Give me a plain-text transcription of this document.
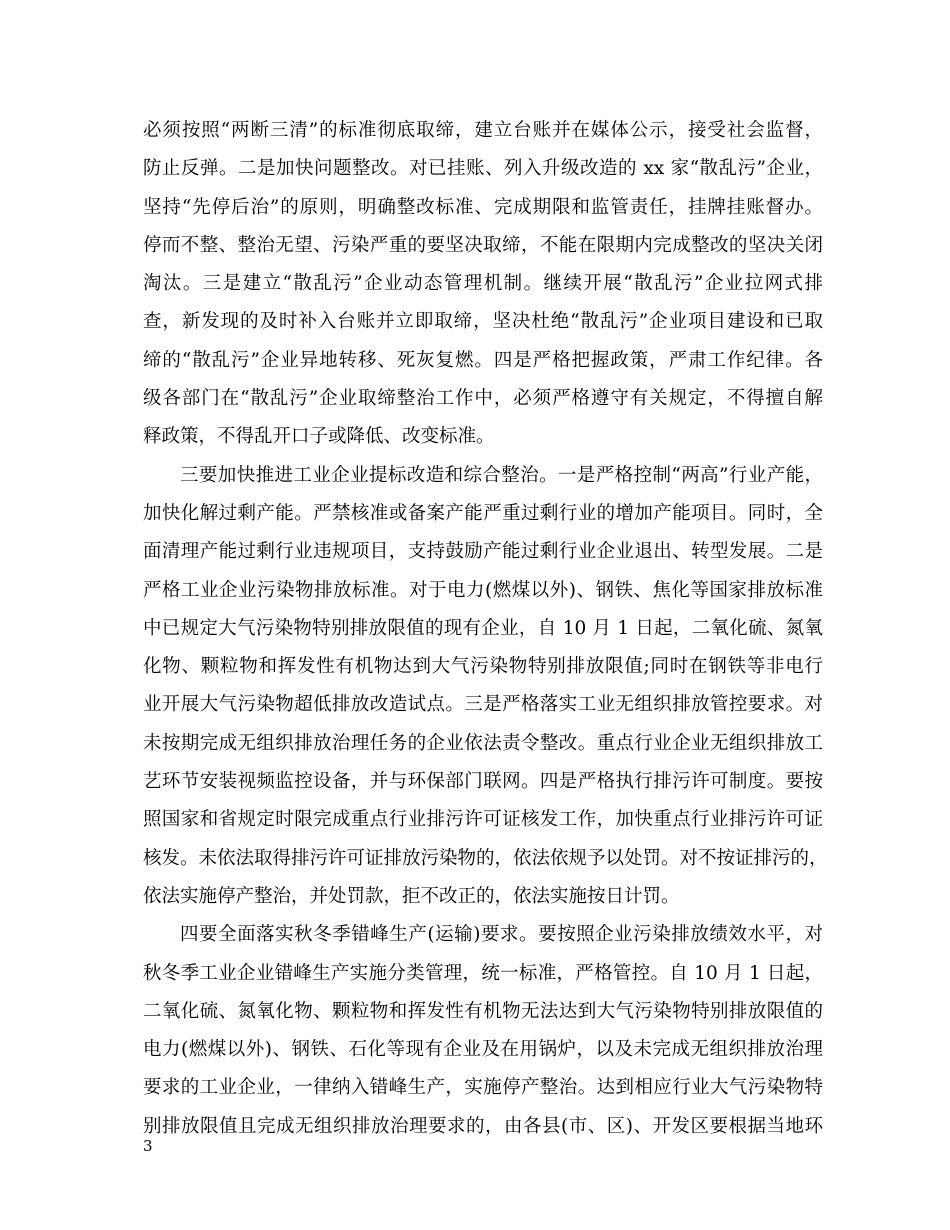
必须按照“两断三清”的标准彻底取缔，建立台账并在媒体公示，接受社会监督，
防止反弹。二是加快问题整改。对已挂账、列入升级改造的 xx 家“散乱污”企业，
坚持“先停后治”的原则，明确整改标准、完成期限和监管责任，挂牌挂账督办。
停而不整、整治无望、污染严重的要坚决取缔，不能在限期内完成整改的坚决关闭
淘汰。三是建立“散乱污”企业动态管理机制。继续开展“散乱污”企业拉网式排
查，新发现的及时补入台账并立即取缔，坚决杜绝“散乱污”企业项目建设和已取
缔的“散乱污”企业异地转移、死灰复燃。四是严格把握政策，严肃工作纪律。各
级各部门在“散乱污”企业取缔整治工作中，必须严格遵守有关规定，不得擅自解
释政策，不得乱开口子或降低、改变标准。
三要加快推进工业企业提标改造和综合整治。一是严格控制“两高”行业产能，
加快化解过剩产能。严禁核准或备案产能严重过剩行业的增加产能项目。同时，全
面清理产能过剩行业违规项目，支持鼓励产能过剩行业企业退出、转型发展。二是
严格工业企业污染物排放标准。对于电力(燃煤以外)、钢铁、焦化等国家排放标准
中已规定大气污染物特别排放限值的现有企业，自 10 月 1 日起，二氧化硫、氮氧
化物、颗粒物和挥发性有机物达到大气污染物特别排放限值;同时在钢铁等非电行
业开展大气污染物超低排放改造试点。三是严格落实工业无组织排放管控要求。对
未按期完成无组织排放治理任务的企业依法责令整改。重点行业企业无组织排放工
艺环节安装视频监控设备，并与环保部门联网。四是严格执行排污许可制度。要按
照国家和省规定时限完成重点行业排污许可证核发工作，加快重点行业排污许可证
核发。未依法取得排污许可证排放污染物的，依法依规予以处罚。对不按证排污的，
依法实施停产整治，并处罚款，拒不改正的，依法实施按日计罚。
四要全面落实秋冬季错峰生产(运输)要求。要按照企业污染排放绩效水平，对
秋冬季工业企业错峰生产实施分类管理，统一标准，严格管控。自 10 月 1 日起，
二氧化硫、氮氧化物、颗粒物和挥发性有机物无法达到大气污染物特别排放限值的
电力(燃煤以外)、钢铁、石化等现有企业及在用锅炉，以及未完成无组织排放治理
要求的工业企业，一律纳入错峰生产，实施停产整治。达到相应行业大气污染物特
别排放限值且完成无组织排放治理要求的，由各县(市、区)、开发区要根据当地环
3
